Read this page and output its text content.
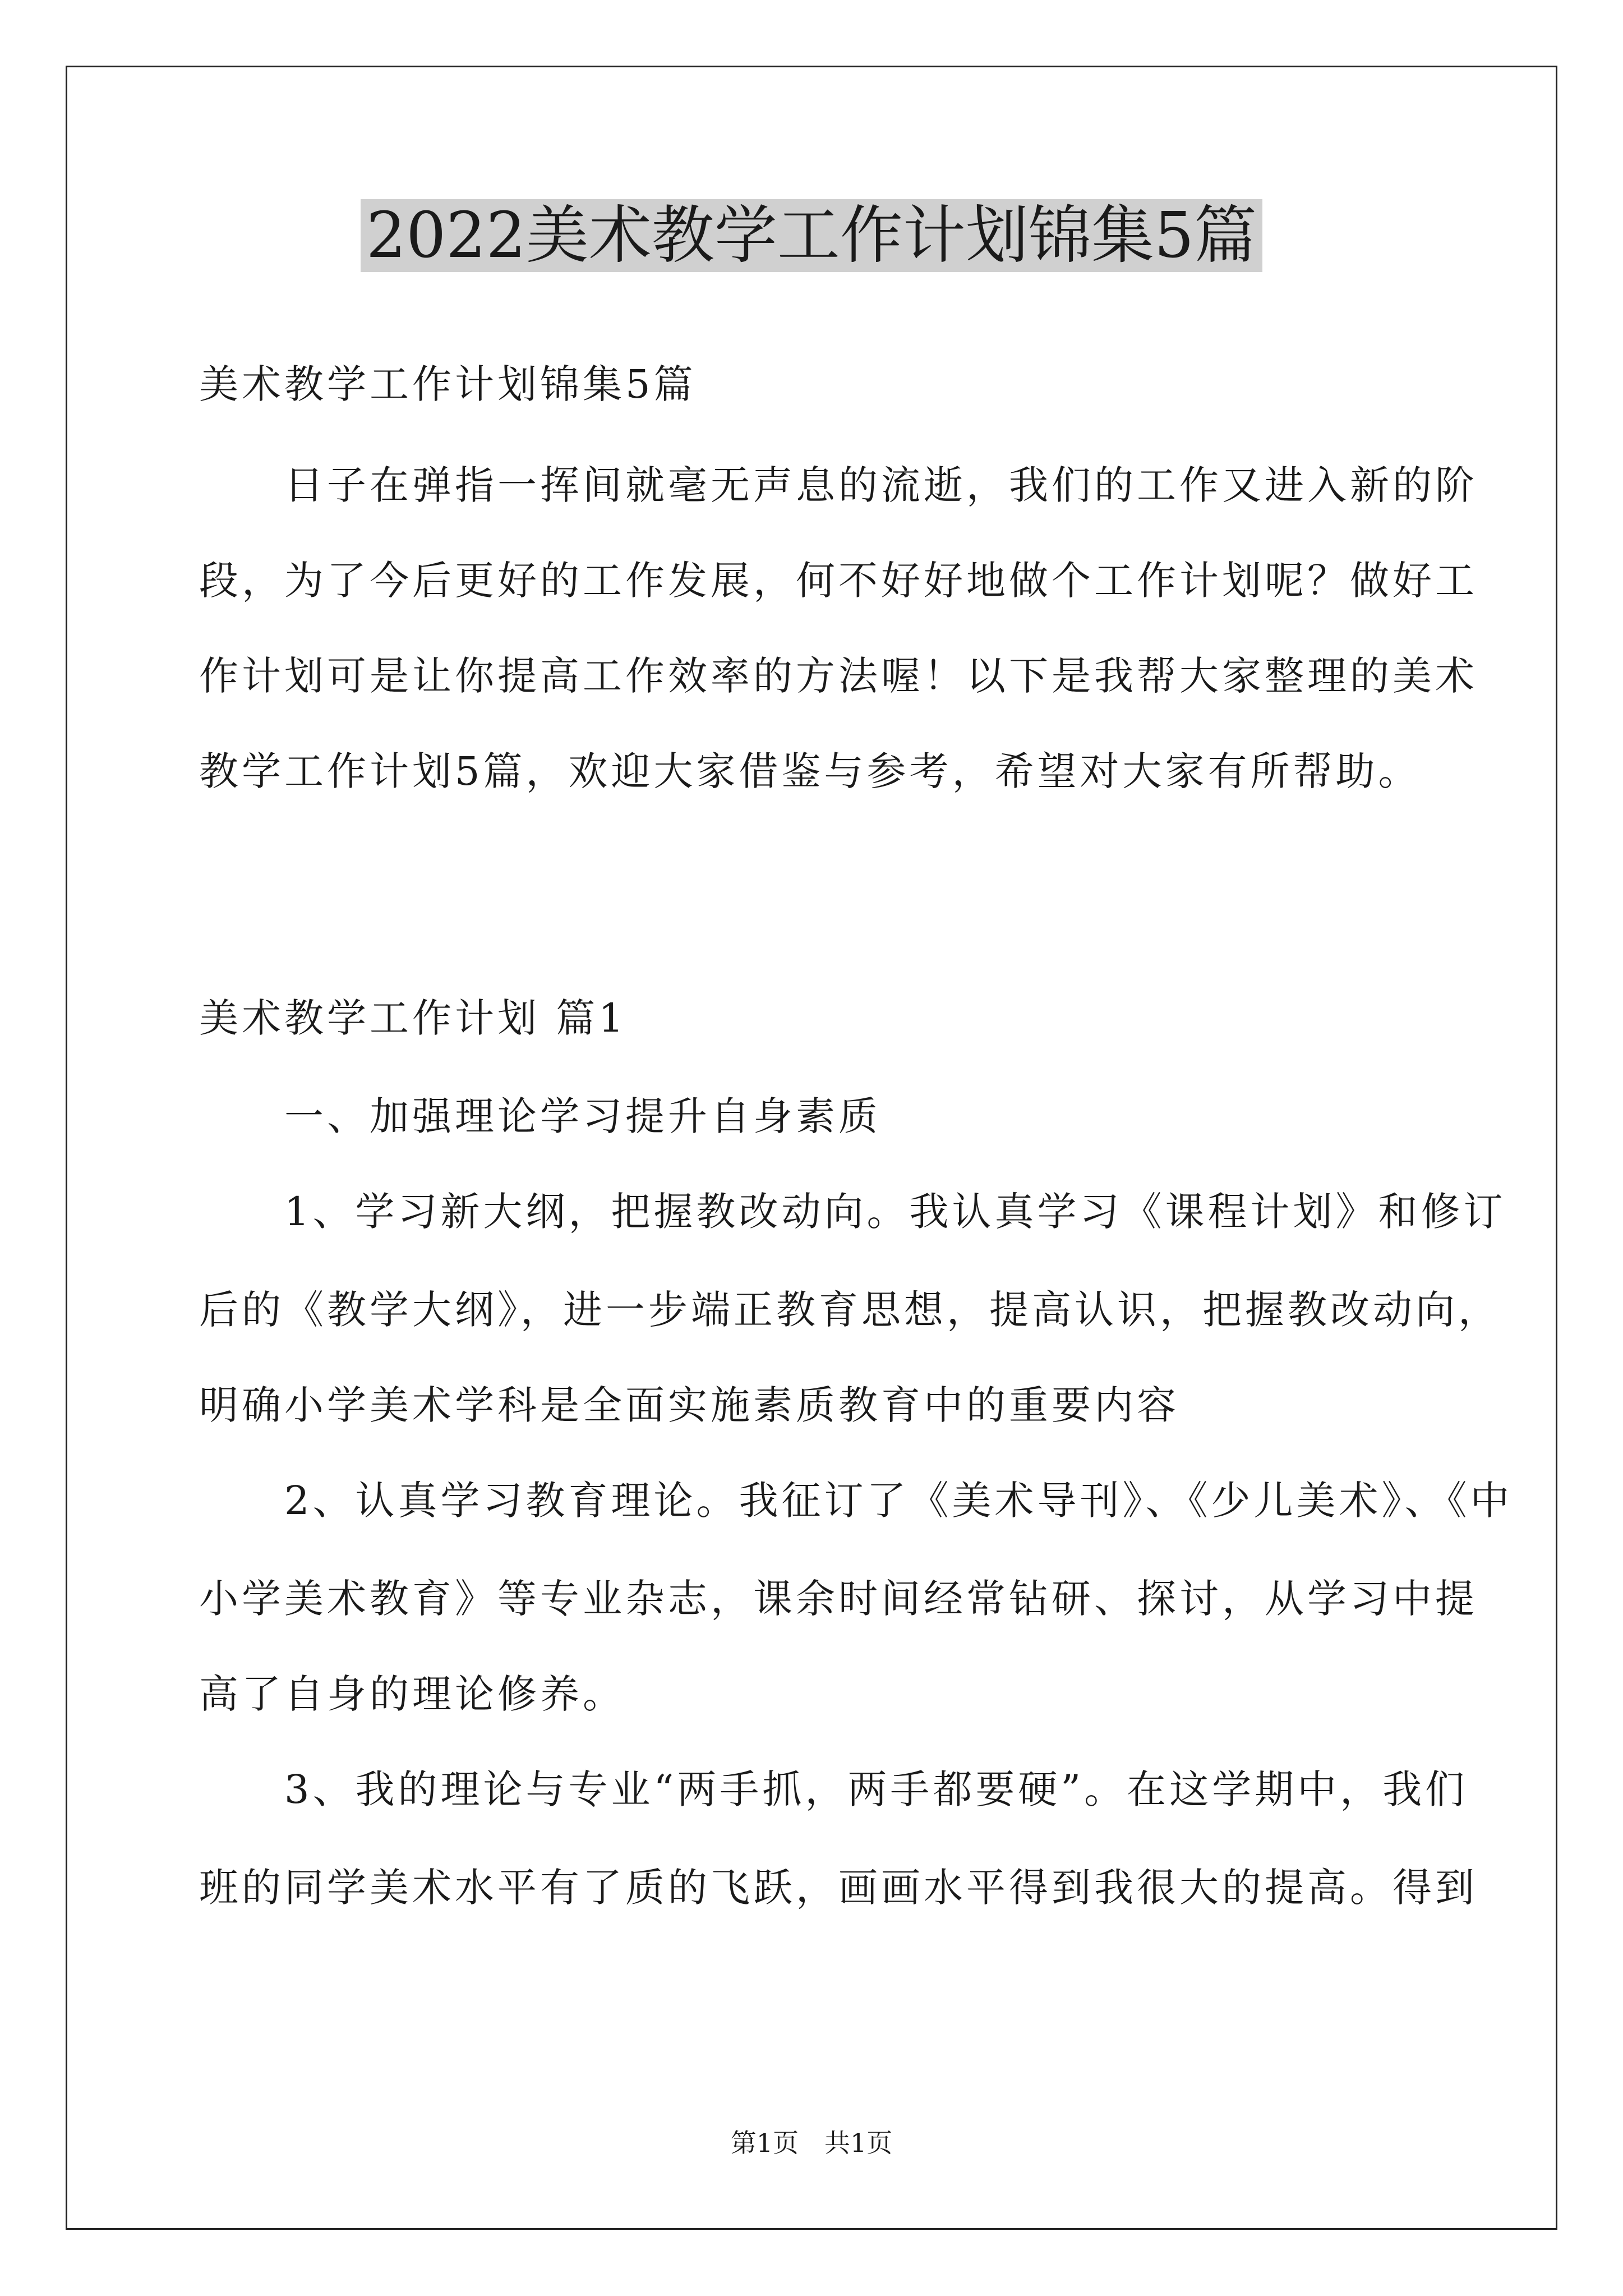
2022美术教学工作计划锦集5篇
美术教学工作计划锦集5篇
　　日子在弹指一挥间就毫无声息的流逝，我们的工作又进入新的阶
段，为了今后更好的工作发展，何不好好地做个工作计划呢？做好工
作计划可是让你提高工作效率的方法喔！以下是我帮大家整理的美术
教学工作计划5篇，欢迎大家借鉴与参考，希望对大家有所帮助。
美术教学工作计划 篇1
　　一、加强理论学习提升自身素质
　　1、学习新大纲，把握教改动向。我认真学习《课程计划》和修订
后的《教学大纲》，进一步端正教育思想，提高认识，把握教改动向，
明确小学美术学科是全面实施素质教育中的重要内容
　　2、认真学习教育理论。我征订了《美术导刊》、《少儿美术》、《中
小学美术教育》等专业杂志，课余时间经常钻研、探讨，从学习中提
高了自身的理论修养。
　　3、我的理论与专业“两手抓，两手都要硬”。在这学期中，我们
班的同学美术水平有了质的飞跃，画画水平得到我很大的提高。得到
第1页　共1页
